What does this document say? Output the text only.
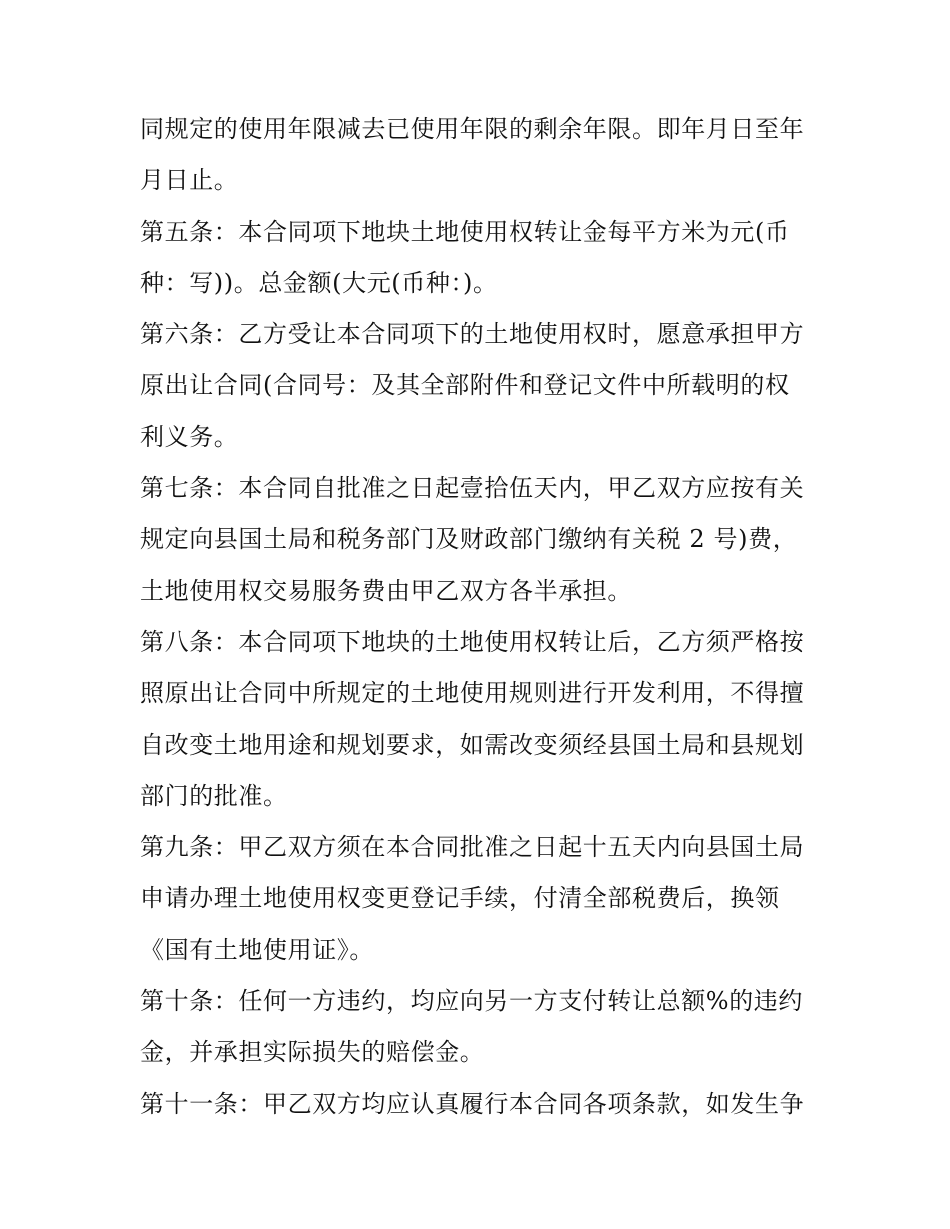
同规定的使用年限减去已使用年限的剩余年限。即年月日至年
月日止。
第五条：本合同项下地块土地使用权转让金每平方米为元(币
种：写))。总金额(大元(币种：)。
第六条：乙方受让本合同项下的土地使用权时，愿意承担甲方
原出让合同(合同号：及其全部附件和登记文件中所载明的权
利义务。
第七条：本合同自批准之日起壹拾伍天内，甲乙双方应按有关
规定向县国土局和税务部门及财政部门缴纳有关税 2 号)费，
土地使用权交易服务费由甲乙双方各半承担。
第八条：本合同项下地块的土地使用权转让后，乙方须严格按
照原出让合同中所规定的土地使用规则进行开发利用，不得擅
自改变土地用途和规划要求，如需改变须经县国土局和县规划
部门的批准。
第九条：甲乙双方须在本合同批准之日起十五天内向县国土局
申请办理土地使用权变更登记手续，付清全部税费后，换领
《国有土地使用证》。
第十条：任何一方违约，均应向另一方支付转让总额%的违约
金，并承担实际损失的赔偿金。
第十一条：甲乙双方均应认真履行本合同各项条款，如发生争
